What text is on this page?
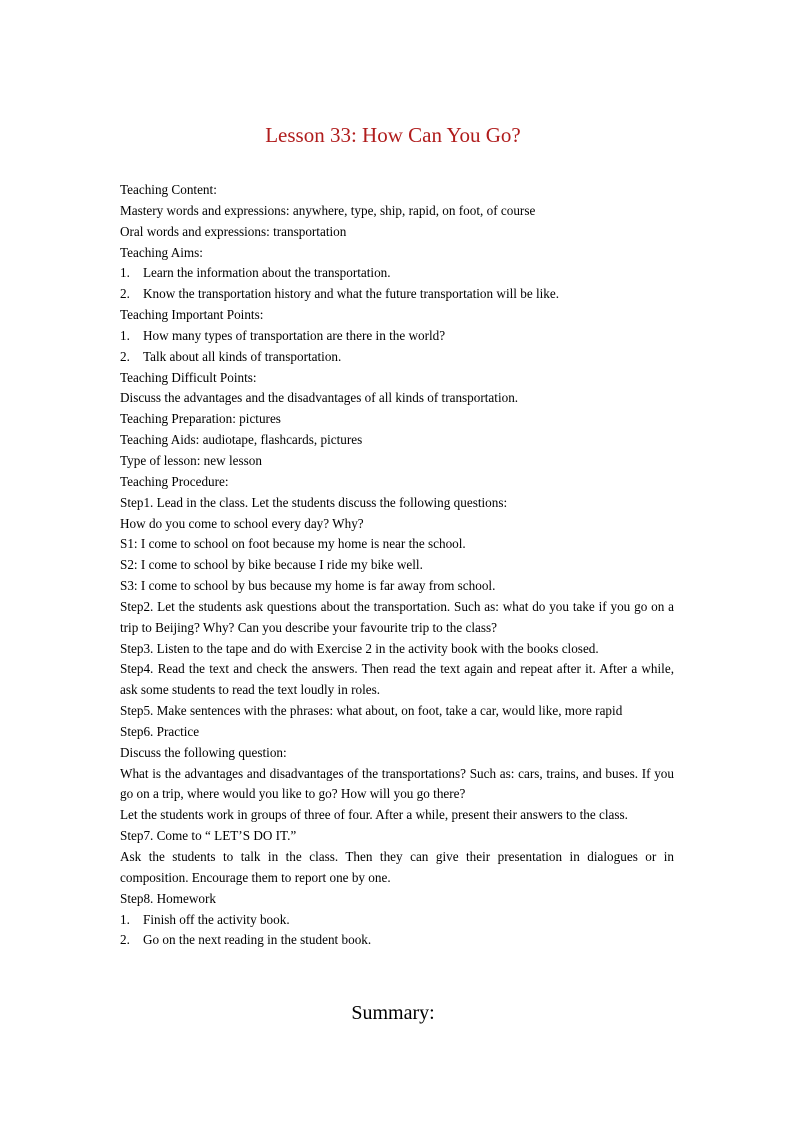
Lesson 33: How Can You Go?
Teaching Content:
Mastery words and expressions: anywhere, type, ship, rapid, on foot, of course
Oral words and expressions: transportation
Teaching Aims:
1. Learn the information about the transportation.
2. Know the transportation history and what the future transportation will be like.
Teaching Important Points:
1. How many types of transportation are there in the world?
2. Talk about all kinds of transportation.
Teaching Difficult Points:
Discuss the advantages and the disadvantages of all kinds of transportation.
Teaching Preparation: pictures
Teaching Aids: audiotape, flashcards, pictures
Type of lesson: new lesson
Teaching Procedure:
Step1. Lead in the class. Let the students discuss the following questions:
How do you come to school every day? Why?
S1: I come to school on foot because my home is near the school.
S2: I come to school by bike because I ride my bike well.
S3: I come to school by bus because my home is far away from school.
Step2. Let the students ask questions about the transportation. Such as: what do you take if you go on a trip to Beijing? Why? Can you describe your favourite trip to the class?
Step3. Listen to the tape and do with Exercise 2 in the activity book with the books closed.
Step4. Read the text and check the answers. Then read the text again and repeat after it. After a while, ask some students to read the text loudly in roles.
Step5. Make sentences with the phrases: what about, on foot, take a car, would like, more rapid
Step6. Practice
Discuss the following question:
What is the advantages and disadvantages of the transportations? Such as: cars, trains, and buses. If you go on a trip, where would you like to go? How will you go there?
Let the students work in groups of three of four. After a while, present their answers to the class.
Step7. Come to “ LET’S DO IT.”
Ask the students to talk in the class. Then they can give their presentation in dialogues or in composition. Encourage them to report one by one.
Step8. Homework
1. Finish off the activity book.
2. Go on the next reading in the student book.
Summary:
